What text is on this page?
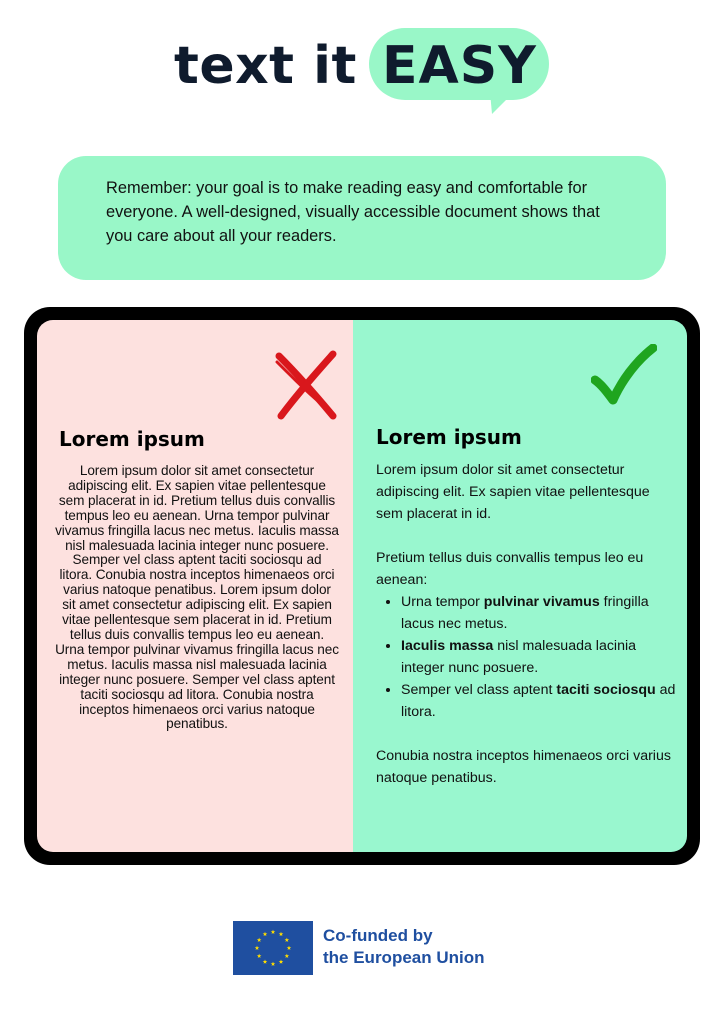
text it EASY

Remember: your goal is to make reading easy and comfortable for everyone. A well-designed, visually accessible document shows that you care about all your readers.

Lorem ipsum

Lorem ipsum dolor sit amet consectetur adipiscing elit. Ex sapien vitae pellentesque sem placerat in id. Pretium tellus duis convallis tempus leo eu aenean. Urna tempor pulvinar vivamus fringilla lacus nec metus. Iaculis massa nisl malesuada lacinia integer nunc posuere. Semper vel class aptent taciti sociosqu ad litora. Conubia nostra inceptos himenaeos orci varius natoque penatibus. Lorem ipsum dolor sit amet consectetur adipiscing elit. Ex sapien vitae pellentesque sem placerat in id. Pretium tellus duis convallis tempus leo eu aenean. Urna tempor pulvinar vivamus fringilla lacus nec metus. Iaculis massa nisl malesuada lacinia integer nunc posuere. Semper vel class aptent taciti sociosqu ad litora. Conubia nostra inceptos himenaeos orci varius natoque penatibus.

Lorem ipsum

Lorem ipsum dolor sit amet consectetur adipiscing elit. Ex sapien vitae pellentesque sem placerat in id.

Pretium tellus duis convallis tempus leo eu aenean:

• Urna tempor pulvinar vivamus fringilla lacus nec metus.
• Iaculis massa nisl malesuada lacinia integer nunc posuere.
• Semper vel class aptent taciti sociosqu ad litora.

Conubia nostra inceptos himenaeos orci varius natoque penatibus.

Co-funded by
the European Union
